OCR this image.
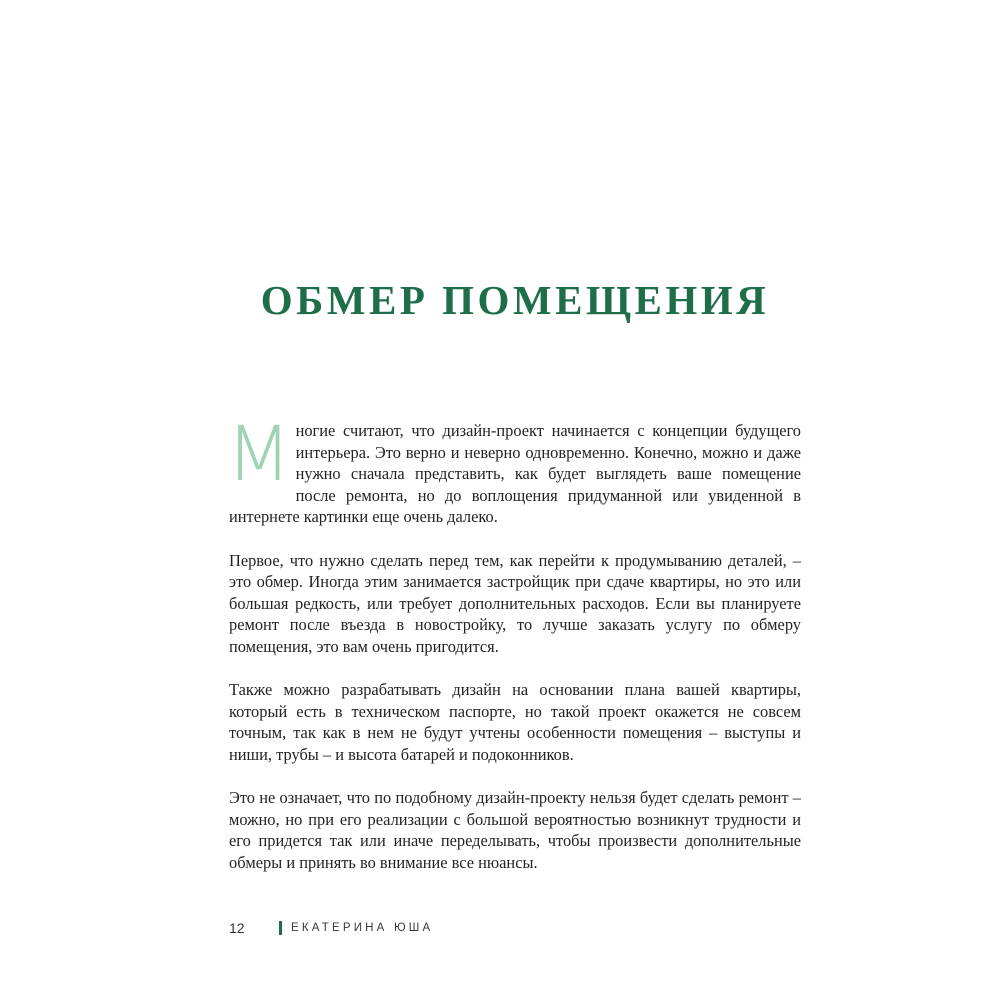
ОБМЕР ПОМЕЩЕНИЯ

Многие считают, что дизайн-проект начинается с концепции будущего интерьера. Это верно и неверно одновременно. Конечно, можно и даже нужно сначала представить, как будет выглядеть ваше помещение после ремонта, но до воплощения придуманной или увиденной в интернете картинки еще очень далеко.

Первое, что нужно сделать перед тем, как перейти к продумыванию деталей, – это обмер. Иногда этим занимается застройщик при сдаче квартиры, но это или большая редкость, или требует дополнительных расходов. Если вы планируете ремонт после въезда в новостройку, то лучше заказать услугу по обмеру помещения, это вам очень пригодится.

Также можно разрабатывать дизайн на основании плана вашей квартиры, который есть в техническом паспорте, но такой проект окажется не совсем точным, так как в нем не будут учтены особенности помещения – выступы и ниши, трубы – и высота батарей и подоконников.

Это не означает, что по подобному дизайн-проекту нельзя будет сделать ремонт – можно, но при его реализации с большой вероятностью возникнут трудности и его придется так или иначе переделывать, чтобы произвести дополнительные обмеры и принять во внимание все нюансы.

12	ЕКАТЕРИНА ЮША
